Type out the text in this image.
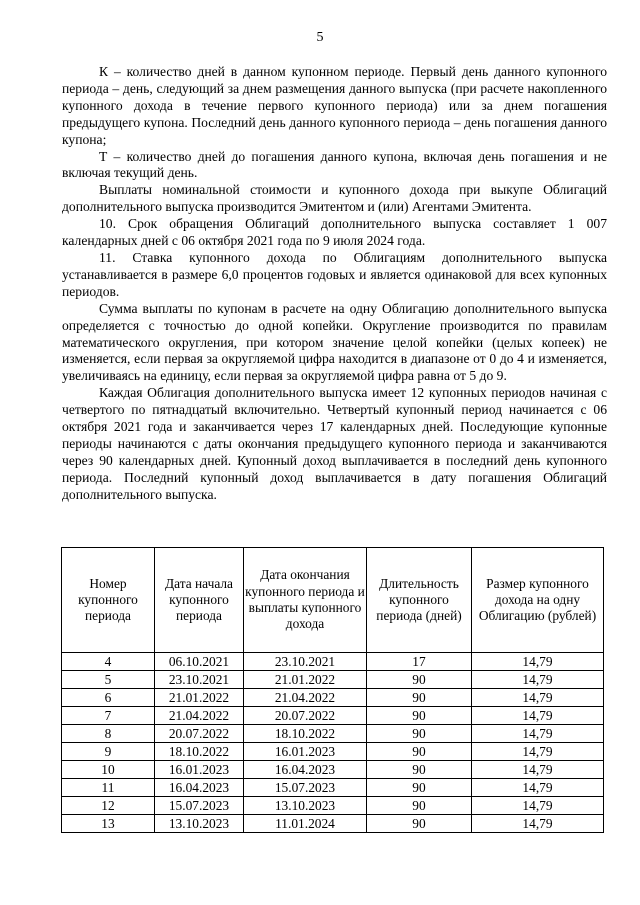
5

К – количество дней в данном купонном периоде. Первый день данного купонного периода – день, следующий за днем размещения данного выпуска (при расчете накопленного купонного дохода в течение первого купонного периода) или за днем погашения предыдущего купона. Последний день данного купонного периода – день погашения данного купона;

Т – количество дней до погашения данного купона, включая день погашения и не включая текущий день.

Выплаты номинальной стоимости и купонного дохода при выкупе Облигаций дополнительного выпуска производится Эмитентом и (или) Агентами Эмитента.

10. Срок обращения Облигаций дополнительного выпуска составляет 1 007 календарных дней с 06 октября 2021 года по 9 июля 2024 года.

11. Ставка купонного дохода по Облигациям дополнительного выпуска устанавливается в размере 6,0 процентов годовых и является одинаковой для всех купонных периодов.

Сумма выплаты по купонам в расчете на одну Облигацию дополнительного выпуска определяется с точностью до одной копейки. Округление производится по правилам математического округления, при котором значение целой копейки (целых копеек) не изменяется, если первая за округляемой цифра находится в диапазоне от 0 до 4 и изменяется, увеличиваясь на единицу, если первая за округляемой цифра равна от 5 до 9.

Каждая Облигация дополнительного выпуска имеет 12 купонных периодов начиная с четвертого по пятнадцатый включительно. Четвертый купонный период начинается с 06 октября 2021 года и заканчивается через 17 календарных дней. Последующие купонные периоды начинаются с даты окончания предыдущего купонного периода и заканчиваются через 90 календарных дней. Купонный доход выплачивается в последний день купонного периода. Последний купонный доход выплачивается в дату погашения Облигаций дополнительного выпуска.

Номер купонного периода	Дата начала купонного периода	Дата окончания купонного периода и выплаты купонного дохода	Длительность купонного периода (дней)	Размер купонного дохода на одну Облигацию (рублей)
4	06.10.2021	23.10.2021	17	14,79
5	23.10.2021	21.01.2022	90	14,79
6	21.01.2022	21.04.2022	90	14,79
7	21.04.2022	20.07.2022	90	14,79
8	20.07.2022	18.10.2022	90	14,79
9	18.10.2022	16.01.2023	90	14,79
10	16.01.2023	16.04.2023	90	14,79
11	16.04.2023	15.07.2023	90	14,79
12	15.07.2023	13.10.2023	90	14,79
13	13.10.2023	11.01.2024	90	14,79
